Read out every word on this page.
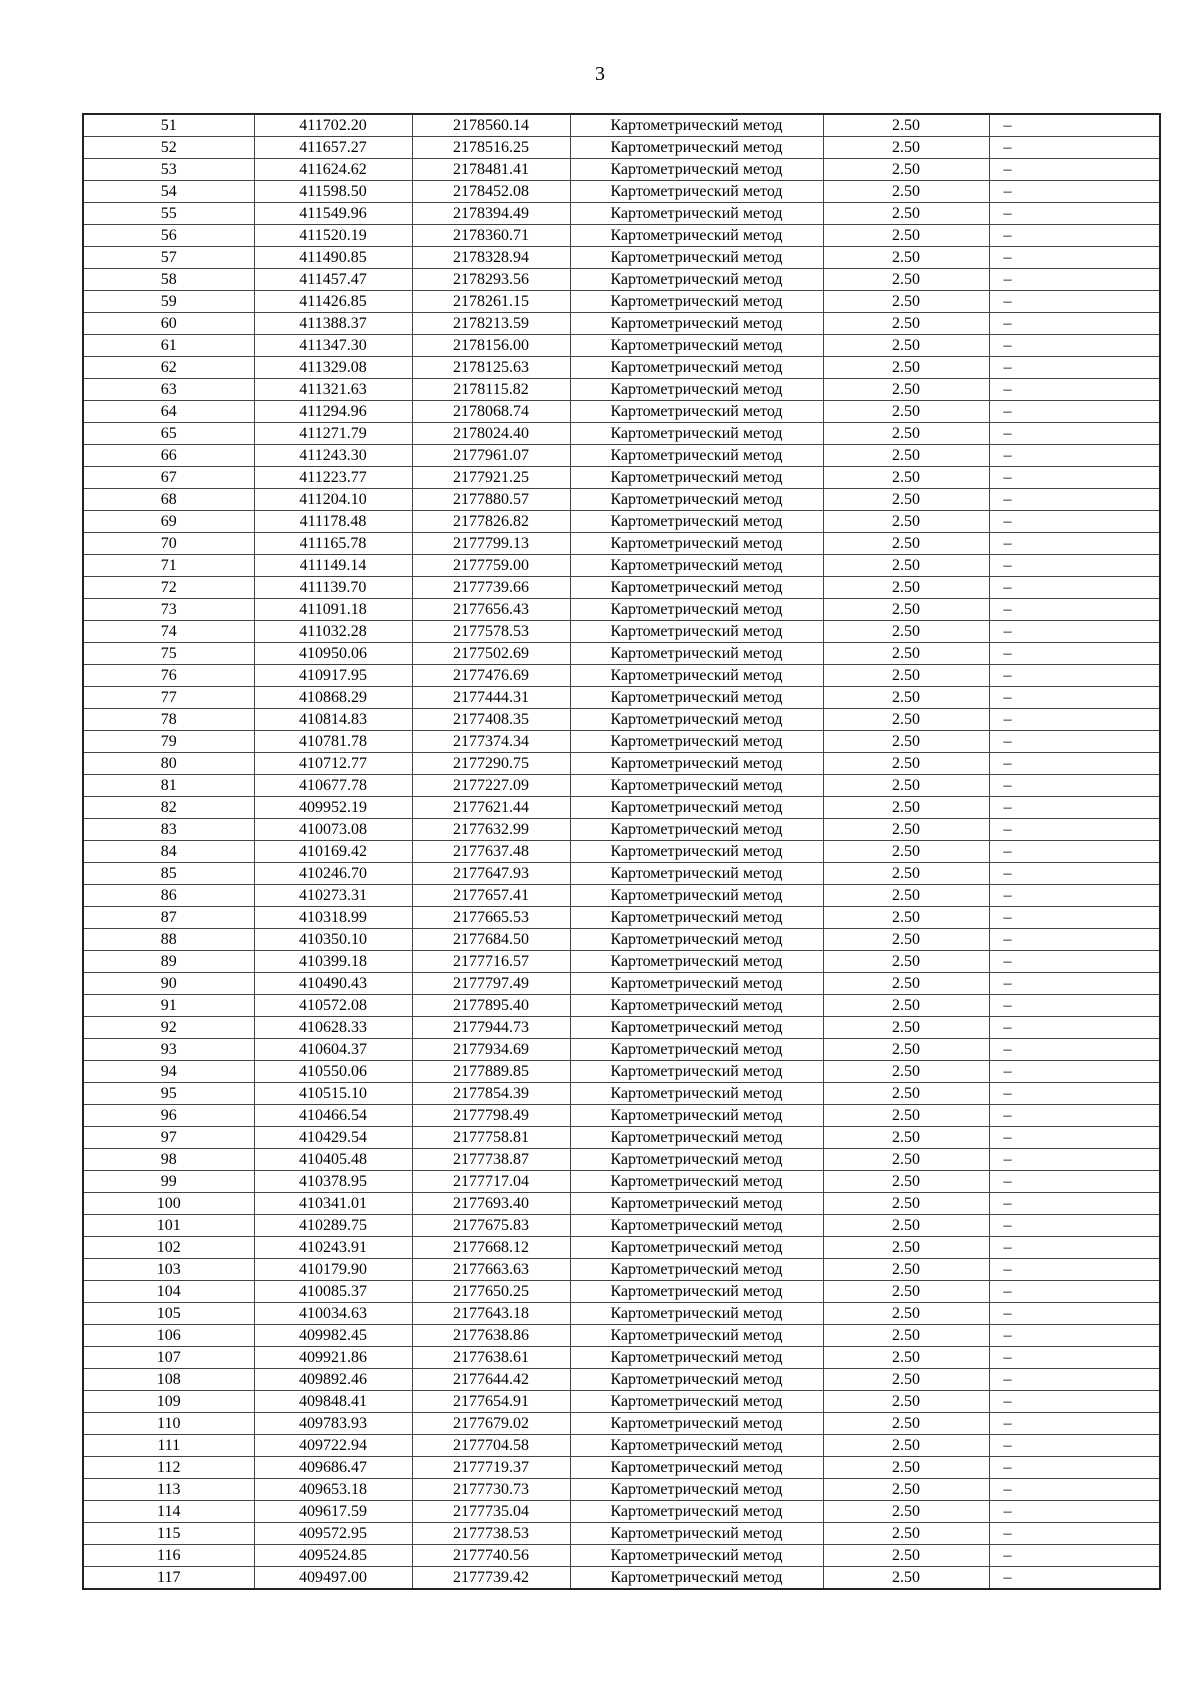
3
51	411702.20	2178560.14	Картометрический метод	2.50	–
52	411657.27	2178516.25	Картометрический метод	2.50	–
53	411624.62	2178481.41	Картометрический метод	2.50	–
54	411598.50	2178452.08	Картометрический метод	2.50	–
55	411549.96	2178394.49	Картометрический метод	2.50	–
56	411520.19	2178360.71	Картометрический метод	2.50	–
57	411490.85	2178328.94	Картометрический метод	2.50	–
58	411457.47	2178293.56	Картометрический метод	2.50	–
59	411426.85	2178261.15	Картометрический метод	2.50	–
60	411388.37	2178213.59	Картометрический метод	2.50	–
61	411347.30	2178156.00	Картометрический метод	2.50	–
62	411329.08	2178125.63	Картометрический метод	2.50	–
63	411321.63	2178115.82	Картометрический метод	2.50	–
64	411294.96	2178068.74	Картометрический метод	2.50	–
65	411271.79	2178024.40	Картометрический метод	2.50	–
66	411243.30	2177961.07	Картометрический метод	2.50	–
67	411223.77	2177921.25	Картометрический метод	2.50	–
68	411204.10	2177880.57	Картометрический метод	2.50	–
69	411178.48	2177826.82	Картометрический метод	2.50	–
70	411165.78	2177799.13	Картометрический метод	2.50	–
71	411149.14	2177759.00	Картометрический метод	2.50	–
72	411139.70	2177739.66	Картометрический метод	2.50	–
73	411091.18	2177656.43	Картометрический метод	2.50	–
74	411032.28	2177578.53	Картометрический метод	2.50	–
75	410950.06	2177502.69	Картометрический метод	2.50	–
76	410917.95	2177476.69	Картометрический метод	2.50	–
77	410868.29	2177444.31	Картометрический метод	2.50	–
78	410814.83	2177408.35	Картометрический метод	2.50	–
79	410781.78	2177374.34	Картометрический метод	2.50	–
80	410712.77	2177290.75	Картометрический метод	2.50	–
81	410677.78	2177227.09	Картометрический метод	2.50	–
82	409952.19	2177621.44	Картометрический метод	2.50	–
83	410073.08	2177632.99	Картометрический метод	2.50	–
84	410169.42	2177637.48	Картометрический метод	2.50	–
85	410246.70	2177647.93	Картометрический метод	2.50	–
86	410273.31	2177657.41	Картометрический метод	2.50	–
87	410318.99	2177665.53	Картометрический метод	2.50	–
88	410350.10	2177684.50	Картометрический метод	2.50	–
89	410399.18	2177716.57	Картометрический метод	2.50	–
90	410490.43	2177797.49	Картометрический метод	2.50	–
91	410572.08	2177895.40	Картометрический метод	2.50	–
92	410628.33	2177944.73	Картометрический метод	2.50	–
93	410604.37	2177934.69	Картометрический метод	2.50	–
94	410550.06	2177889.85	Картометрический метод	2.50	–
95	410515.10	2177854.39	Картометрический метод	2.50	–
96	410466.54	2177798.49	Картометрический метод	2.50	–
97	410429.54	2177758.81	Картометрический метод	2.50	–
98	410405.48	2177738.87	Картометрический метод	2.50	–
99	410378.95	2177717.04	Картометрический метод	2.50	–
100	410341.01	2177693.40	Картометрический метод	2.50	–
101	410289.75	2177675.83	Картометрический метод	2.50	–
102	410243.91	2177668.12	Картометрический метод	2.50	–
103	410179.90	2177663.63	Картометрический метод	2.50	–
104	410085.37	2177650.25	Картометрический метод	2.50	–
105	410034.63	2177643.18	Картометрический метод	2.50	–
106	409982.45	2177638.86	Картометрический метод	2.50	–
107	409921.86	2177638.61	Картометрический метод	2.50	–
108	409892.46	2177644.42	Картометрический метод	2.50	–
109	409848.41	2177654.91	Картометрический метод	2.50	–
110	409783.93	2177679.02	Картометрический метод	2.50	–
111	409722.94	2177704.58	Картометрический метод	2.50	–
112	409686.47	2177719.37	Картометрический метод	2.50	–
113	409653.18	2177730.73	Картометрический метод	2.50	–
114	409617.59	2177735.04	Картометрический метод	2.50	–
115	409572.95	2177738.53	Картометрический метод	2.50	–
116	409524.85	2177740.56	Картометрический метод	2.50	–
117	409497.00	2177739.42	Картометрический метод	2.50	–
